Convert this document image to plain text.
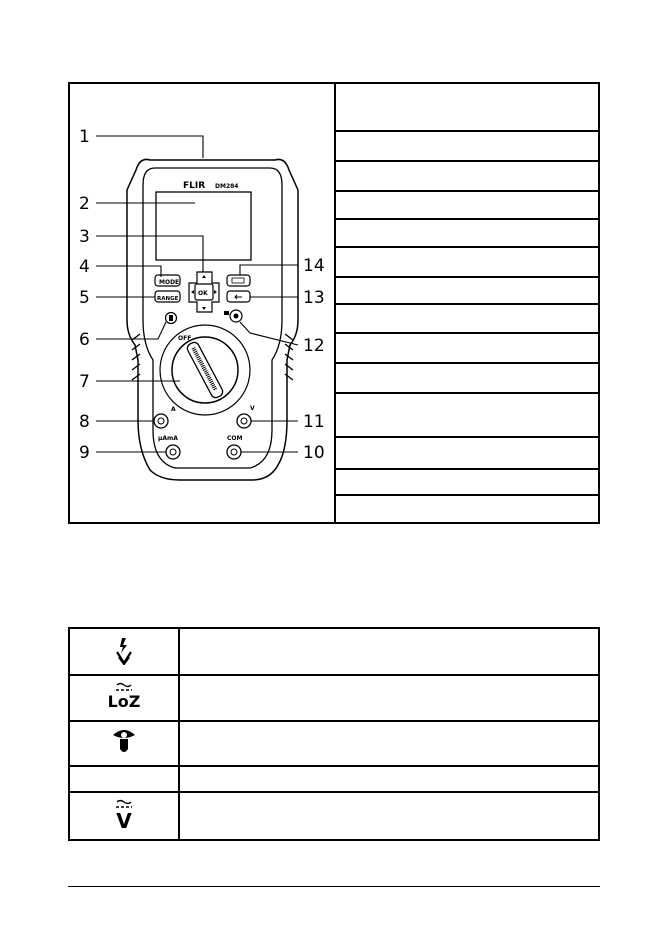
FLIR DM284
MODE
RANGE
OK
OFF
A
µAmA	COM
V
1
2
3
4
5
6
7
8
9	10
11
12
13
14
LoZ
V
